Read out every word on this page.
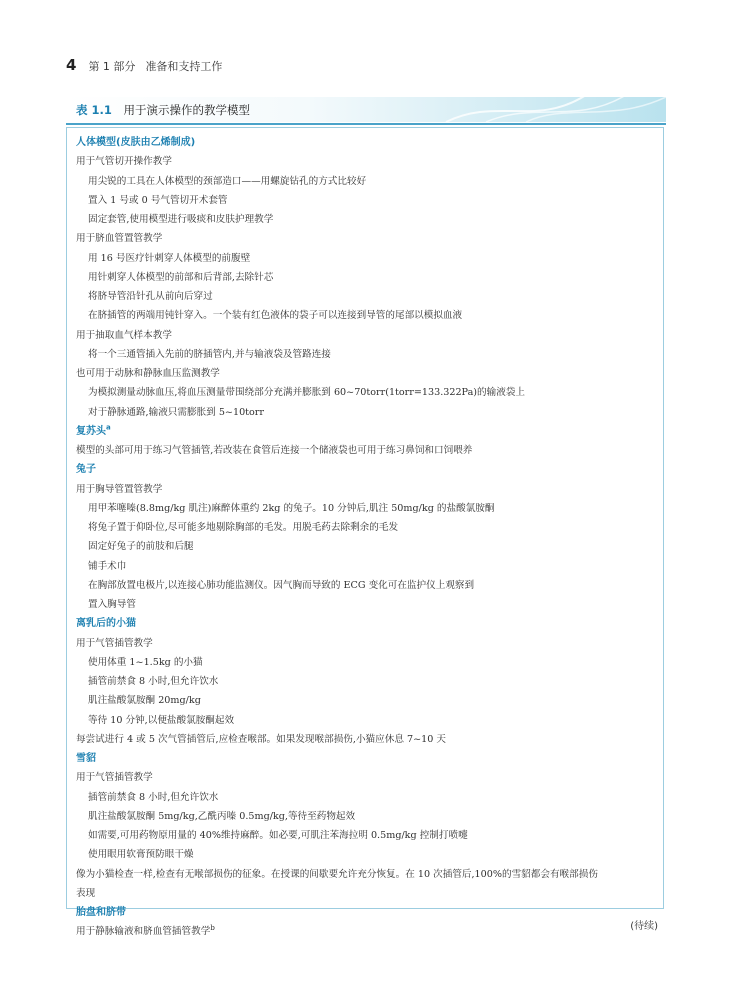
4 第 1 部分 准备和支持工作
表 1.1 用于演示操作的教学模型
人体模型(皮肤由乙烯制成)
用于气管切开操作教学
用尖锐的工具在人体模型的颈部造口——用螺旋钻孔的方式比较好
置入 1 号或 0 号气管切开术套管
固定套管,使用模型进行吸痰和皮肤护理教学
用于脐血管置管教学
用 16 号医疗针刺穿人体模型的前腹壁
用针刺穿人体模型的前部和后背部,去除针芯
将脐导管沿针孔从前向后穿过
在脐插管的两端用钝针穿入。一个装有红色液体的袋子可以连接到导管的尾部以模拟血液
用于抽取血气样本教学
将一个三通管插入先前的脐插管内,并与输液袋及管路连接
也可用于动脉和静脉血压监测教学
为模拟测量动脉血压,将血压测量带围绕部分充满并膨胀到 60~70torr(1torr=133.322Pa)的输液袋上
对于静脉通路,输液只需膨胀到 5~10torr
复苏头$^a$
模型的头部可用于练习气管插管,若改装在食管后连接一个储液袋也可用于练习鼻饲和口饲喂养
兔子
用于胸导管置管教学
用甲苯噻嗪(8.8mg/kg 肌注)麻醉体重约 2kg 的兔子。10 分钟后,肌注 50mg/kg 的盐酸氯胺酮
将兔子置于仰卧位,尽可能多地剔除胸部的毛发。用脱毛药去除剩余的毛发
固定好兔子的前肢和后腿
铺手术巾
在胸部放置电极片,以连接心肺功能监测仪。因气胸而导致的 ECG 变化可在监护仪上观察到
置入胸导管
离乳后的小猫
用于气管插管教学
使用体重 1~1.5kg 的小猫
插管前禁食 8 小时,但允许饮水
肌注盐酸氯胺酮 20mg/kg
等待 10 分钟,以便盐酸氯胺酮起效
每尝试进行 4 或 5 次气管插管后,应检查喉部。如果发现喉部损伤,小猫应休息 7~10 天
雪貂
用于气管插管教学
插管前禁食 8 小时,但允许饮水
肌注盐酸氯胺酮 5mg/kg,乙酰丙嗪 0.5mg/kg,等待至药物起效
如需要,可用药物原用量的 40%维持麻醉。如必要,可肌注苯海拉明 0.5mg/kg 控制打喷嚏
使用眼用软膏预防眼干燥
像为小猫检查一样,检查有无喉部损伤的征象。在授课的间歇要允许充分恢复。在 10 次插管后,100%的雪貂都会有喉部损伤
表现
胎盘和脐带
用于静脉输液和脐血管插管教学$^b$	(待续)
